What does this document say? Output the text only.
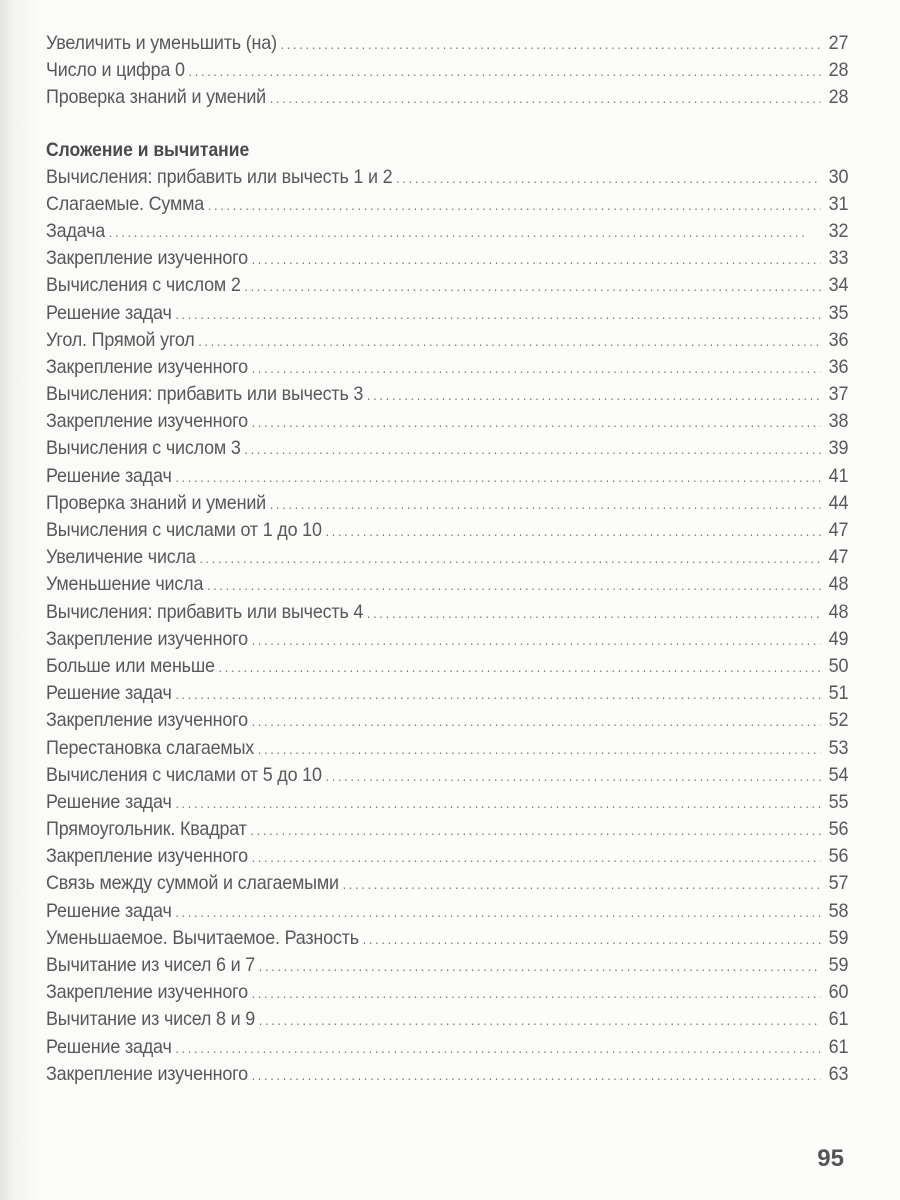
Увеличить и уменьшить (на) . . .	27
Число и цифра 0 . . .	28
Проверка знаний и умений . . .	28
Сложение и вычитание
Вычисления: прибавить или вычесть 1 и 2 . . .	30
Слагаемые. Сумма . . .	31
Задача . . .	32
Закрепление изученного . . .	33
Вычисления с числом 2 . . .	34
Решение задач . . .	35
Угол. Прямой угол . . .	36
Закрепление изученного . . .	36
Вычисления: прибавить или вычесть 3 . . .	37
Закрепление изученного . . .	38
Вычисления с числом 3 . . .	39
Решение задач . . .	41
Проверка знаний и умений . . .	44
Вычисления с числами от 1 до 10 . . .	47
Увеличение числа . . .	47
Уменьшение числа . . .	48
Вычисления: прибавить или вычесть 4 . . .	48
Закрепление изученного . . .	49
Больше или меньше . . .	50
Решение задач . . .	51
Закрепление изученного . . .	52
Перестановка слагаемых . . .	53
Вычисления с числами от 5 до 10 . . .	54
Решение задач . . .	55
Прямоугольник. Квадрат . . .	56
Закрепление изученного . . .	56
Связь между суммой и слагаемыми . . .	57
Решение задач . . .	58
Уменьшаемое. Вычитаемое. Разность . . .	59
Вычитание из чисел 6 и 7 . . .	59
Закрепление изученного . . .	60
Вычитание из чисел 8 и 9 . . .	61
Решение задач . . .	61
Закрепление изученного . . .	63
95
